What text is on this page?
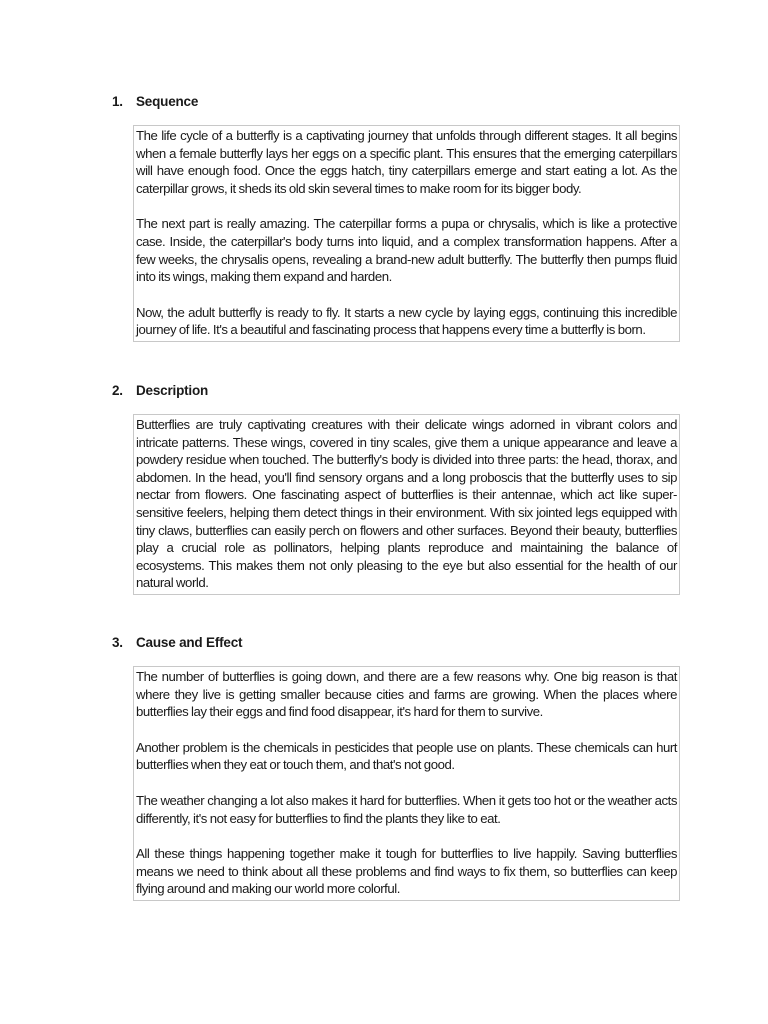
1. Sequence

The life cycle of a butterfly is a captivating journey that unfolds through different stages. It all begins when a female butterfly lays her eggs on a specific plant. This ensures that the emerging caterpillars will have enough food. Once the eggs hatch, tiny caterpillars emerge and start eating a lot. As the caterpillar grows, it sheds its old skin several times to make room for its bigger body.

The next part is really amazing. The caterpillar forms a pupa or chrysalis, which is like a protective case. Inside, the caterpillar's body turns into liquid, and a complex transformation happens. After a few weeks, the chrysalis opens, revealing a brand-new adult butterfly. The butterfly then pumps fluid into its wings, making them expand and harden.

Now, the adult butterfly is ready to fly. It starts a new cycle by laying eggs, continuing this incredible journey of life. It's a beautiful and fascinating process that happens every time a butterfly is born.

2. Description

Butterflies are truly captivating creatures with their delicate wings adorned in vibrant colors and intricate patterns. These wings, covered in tiny scales, give them a unique appearance and leave a powdery residue when touched. The butterfly's body is divided into three parts: the head, thorax, and abdomen. In the head, you'll find sensory organs and a long proboscis that the butterfly uses to sip nectar from flowers. One fascinating aspect of butterflies is their antennae, which act like super-sensitive feelers, helping them detect things in their environment. With six jointed legs equipped with tiny claws, butterflies can easily perch on flowers and other surfaces. Beyond their beauty, butterflies play a crucial role as pollinators, helping plants reproduce and maintaining the balance of ecosystems. This makes them not only pleasing to the eye but also essential for the health of our natural world.

3. Cause and Effect

The number of butterflies is going down, and there are a few reasons why. One big reason is that where they live is getting smaller because cities and farms are growing. When the places where butterflies lay their eggs and find food disappear, it's hard for them to survive.

Another problem is the chemicals in pesticides that people use on plants. These chemicals can hurt butterflies when they eat or touch them, and that's not good.

The weather changing a lot also makes it hard for butterflies. When it gets too hot or the weather acts differently, it's not easy for butterflies to find the plants they like to eat.

All these things happening together make it tough for butterflies to live happily. Saving butterflies means we need to think about all these problems and find ways to fix them, so butterflies can keep flying around and making our world more colorful.
